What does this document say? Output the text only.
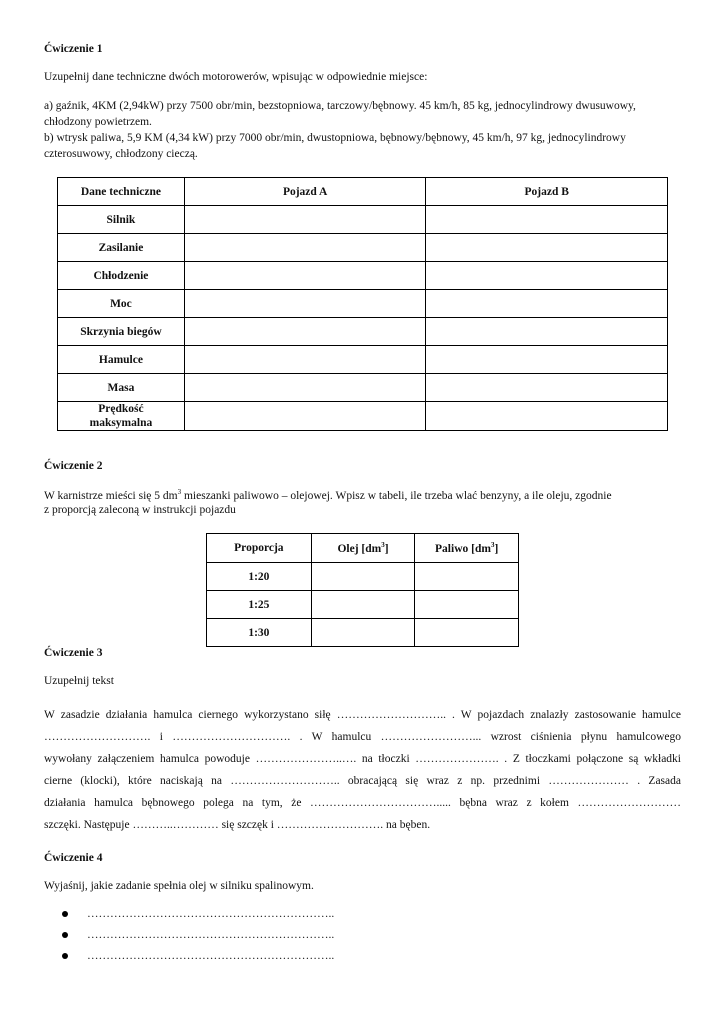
Ćwiczenie 1
Uzupełnij dane techniczne dwóch motorowerów, wpisując w odpowiednie miejsce:
a) gaźnik, 4KM (2,94kW) przy 7500 obr/min, bezstopniowa, tarczowy/bębnowy. 45 km/h, 85 kg, jednocylindrowy dwusuwowy,
chłodzony powietrzem.
b) wtrysk paliwa, 5,9 KM (4,34 kW) przy 7000 obr/min, dwustopniowa, bębnowy/bębnowy, 45 km/h, 97 kg, jednocylindrowy
czterosuwowy, chłodzony cieczą.
Dane techniczne	Pojazd A	Pojazd B
Silnik		
Zasilanie		
Chłodzenie		
Moc		
Skrzynia biegów		
Hamulce		
Masa		
Prędkość
maksymalna		
Ćwiczenie 2
W karnistrze mieści się 5 $dm^3$ mieszanki paliwowo – olejowej. Wpisz w tabeli, ile trzeba wlać benzyny, a ile oleju, zgodnie
z proporcją zaleconą w instrukcji pojazdu
Proporcja	Olej $[dm^3]$	Paliwo $[dm^3]$
1:20		
1:25		
1:30		
Ćwiczenie 3
Uzupełnij tekst
W zasadzie działania hamulca ciernego wykorzystano siłę ……………………….. . W pojazdach znalazły zastosowanie hamulce
………………………. i …………………………. . W hamulcu ……………………... wzrost ciśnienia płynu hamulcowego
wywołany załączeniem hamulca powoduje …………………..…. na tłoczki …………………. . Z tłoczkami połączone są wkładki
cierne (klocki), które naciskają na ……………………….. obracającą się wraz z np. przednimi ………………… . Zasada
działania hamulca bębnowego polega na tym, że ……………………………..... bębna wraz z kołem ………………………
szczęki. Następuje ………..………… się szczęk i ………………………. na bęben.
Ćwiczenie 4
Wyjaśnij, jakie zadanie spełnia olej w silniku spalinowym.
………………………………………………………..
………………………………………………………..
………………………………………………………..
